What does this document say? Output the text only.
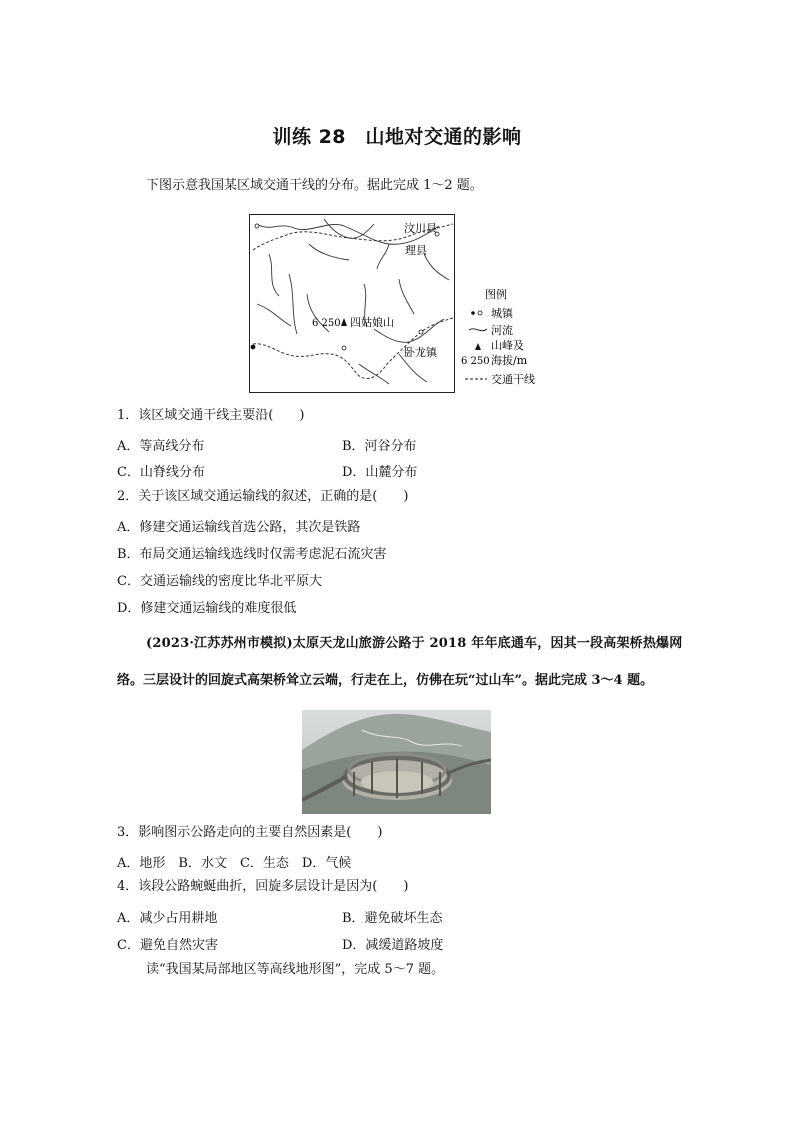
训练 28　山地对交通的影响
下图示意我国某区域交通干线的分布。据此完成 1～2 题。
汶川县
理县
6 250 四姑娘山
卧龙镇
图例
城镇
河流
山峰及
6 250 海拔/m
交通干线
1．该区域交通干线主要沿(　　)
A．等高线分布	B．河谷分布
C．山脊线分布	D．山麓分布
2．关于该区域交通运输线的叙述，正确的是(　　)
A．修建交通运输线首选公路，其次是铁路
B．布局交通运输线选线时仅需考虑泥石流灾害
C．交通运输线的密度比华北平原大
D．修建交通运输线的难度很低
(2023·江苏苏州市模拟)太原天龙山旅游公路于 2018 年年底通车，因其一段高架桥热爆网
络。三层设计的回旋式高架桥耸立云端，行走在上，仿佛在玩“过山车”。据此完成 3～4 题。
3．影响图示公路走向的主要自然因素是(　　)
A．地形　B．水文　C．生态　D．气候
4．该段公路蜿蜒曲折，回旋多层设计是因为(　　)
A．减少占用耕地	B．避免破坏生态
C．避免自然灾害	D．减缓道路坡度
读“我国某局部地区等高线地形图”，完成 5～7 题。
